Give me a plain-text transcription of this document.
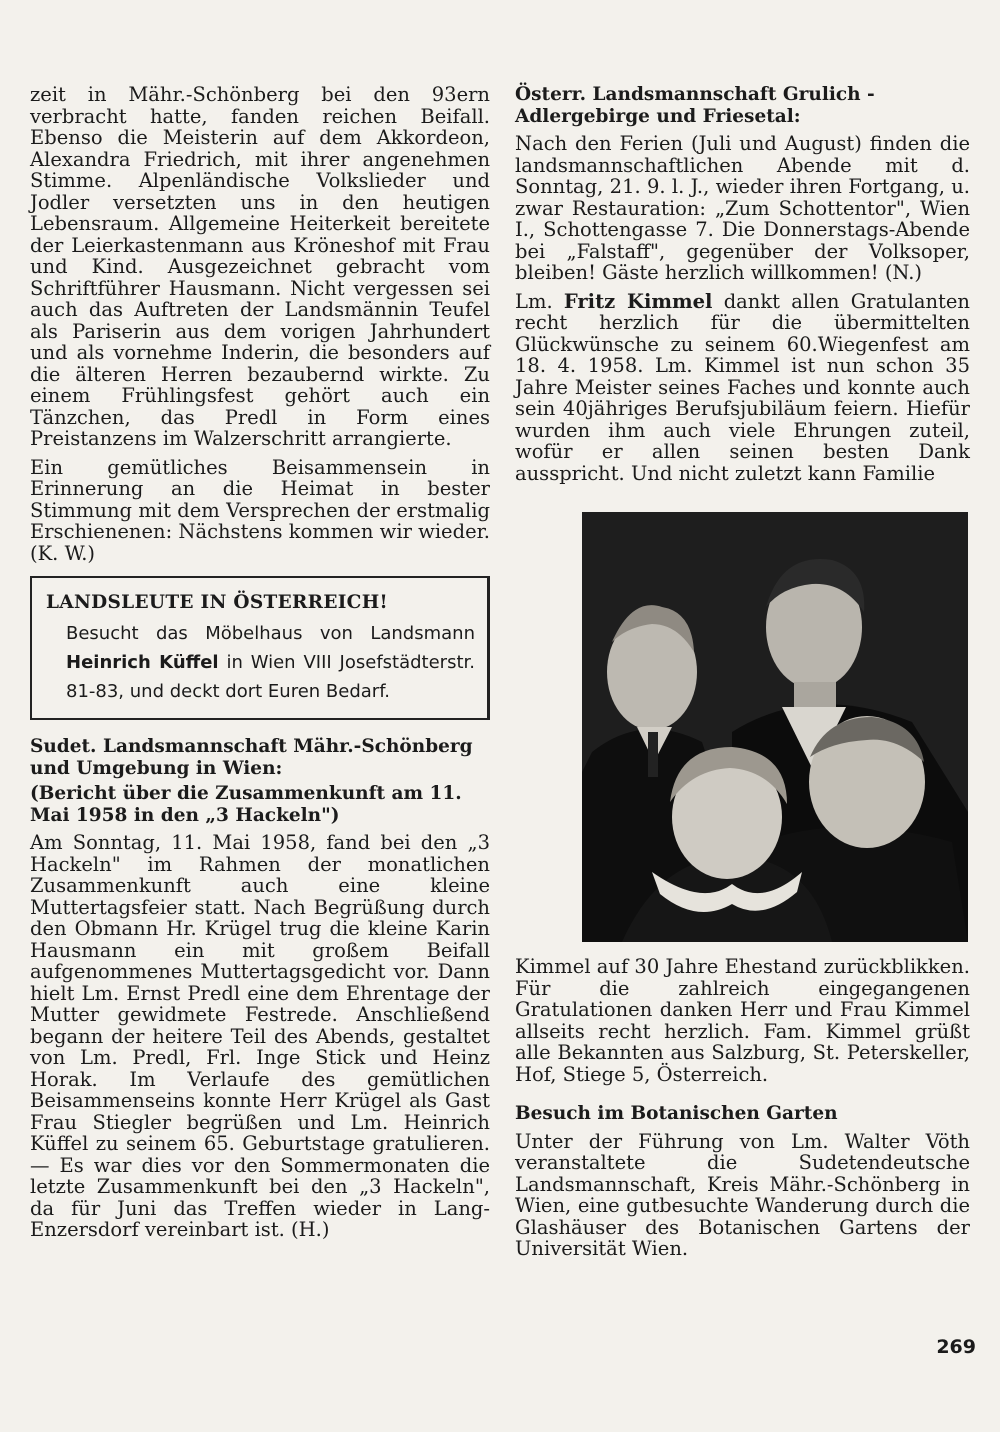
zeit in Mähr.-Schönberg bei den 93ern verbracht hatte, fanden reichen Beifall. Ebenso die Meisterin auf dem Akkordeon, Alexandra Friedrich, mit ihrer angenehmen Stimme. Alpenländische Volkslieder und Jodler versetzten uns in den heutigen Lebensraum. Allgemeine Heiterkeit bereitete der Leierkastenmann aus Kröneshof mit Frau und Kind. Ausgezeichnet gebracht vom Schriftführer Hausmann. Nicht vergessen sei auch das Auftreten der Landsmännin Teufel als Pariserin aus dem vorigen Jahrhundert und als vornehme Inderin, die besonders auf die älteren Herren bezaubernd wirkte. Zu einem Frühlingsfest gehört auch ein Tänzchen, das Predl in Form eines Preistanzens im Walzerschritt arrangierte.

Ein gemütliches Beisammensein in Erinnerung an die Heimat in bester Stimmung mit dem Versprechen der erstmalig Erschienenen: Nächstens kommen wir wieder. (K. W.)

LANDSLEUTE IN ÖSTERREICH!

Besucht das Möbelhaus von Landsmann Heinrich Küffel in Wien VIII Josefstädterstr. 81-83, und deckt dort Euren Bedarf.

Sudet. Landsmannschaft Mähr.-Schönberg und Umgebung in Wien:
(Bericht über die Zusammenkunft am 11. Mai 1958 in den „3 Hackeln")

Am Sonntag, 11. Mai 1958, fand bei den „3 Hackeln" im Rahmen der monatlichen Zusammenkunft auch eine kleine Muttertagsfeier statt. Nach Begrüßung durch den Obmann Hr. Krügel trug die kleine Karin Hausmann ein mit großem Beifall aufgenommenes Muttertagsgedicht vor. Dann hielt Lm. Ernst Predl eine dem Ehrentage der Mutter gewidmete Festrede. Anschließend begann der heitere Teil des Abends, gestaltet von Lm. Predl, Frl. Inge Stick und Heinz Horak. Im Verlaufe des gemütlichen Beisammenseins konnte Herr Krügel als Gast Frau Stiegler begrüßen und Lm. Heinrich Küffel zu seinem 65. Geburtstage gratulieren. — Es war dies vor den Sommermonaten die letzte Zusammenkunft bei den „3 Hackeln", da für Juni das Treffen wieder in Lang-Enzersdorf vereinbart ist. (H.)

Österr. Landsmannschaft Grulich - Adlergebirge und Friesetal:

Nach den Ferien (Juli und August) finden die landsmannschaftlichen Abende mit d. Sonntag, 21. 9. l. J., wieder ihren Fortgang, u. zwar Restauration: „Zum Schottentor", Wien I., Schottengasse 7. Die Donnerstags-Abende bei „Falstaff", gegenüber der Volksoper, bleiben! Gäste herzlich willkommen! (N.)

Lm. Fritz Kimmel dankt allen Gratulanten recht herzlich für die übermittelten Glückwünsche zu seinem 60.Wiegenfest am 18. 4. 1958. Lm. Kimmel ist nun schon 35 Jahre Meister seines Faches und konnte auch sein 40jähriges Berufsjubiläum feiern. Hiefür wurden ihm auch viele Ehrungen zuteil, wofür er allen seinen besten Dank ausspricht. Und nicht zuletzt kann Familie

Kimmel auf 30 Jahre Ehestand zurückblikken. Für die zahlreich eingegangenen Gratulationen danken Herr und Frau Kimmel allseits recht herzlich. Fam. Kimmel grüßt alle Bekannten aus Salzburg, St. Peterskeller, Hof, Stiege 5, Österreich.

Besuch im Botanischen Garten

Unter der Führung von Lm. Walter Vöth veranstaltete die Sudetendeutsche Landsmannschaft, Kreis Mähr.-Schönberg in Wien, eine gutbesuchte Wanderung durch die Glashäuser des Botanischen Gartens der Universität Wien.

269
